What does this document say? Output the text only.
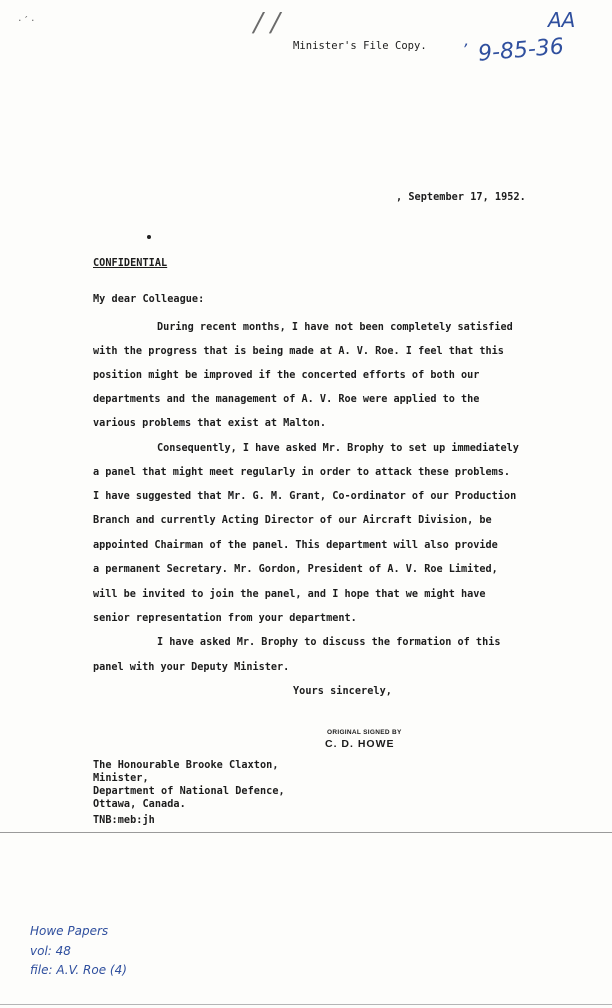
· ′ ·	/ /
Minister's File Copy.
AA
’ 9-85-36
, September 17, 1952.
CONFIDENTIAL
My dear Colleague:
During recent months, I have not been completely satisfied
with the progress that is being made at A. V. Roe. I feel that this
position might be improved if the concerted efforts of both our
departments and the management of A. V. Roe were applied to the
various problems that exist at Malton.
Consequently, I have asked Mr. Brophy to set up immediately
a panel that might meet regularly in order to attack these problems.
I have suggested that Mr. G. M. Grant, Co-ordinator of our Production
Branch and currently Acting Director of our Aircraft Division, be
appointed Chairman of the panel. This department will also provide
a permanent Secretary. Mr. Gordon, President of A. V. Roe Limited,
will be invited to join the panel, and I hope that we might have
senior representation from your department.
I have asked Mr. Brophy to discuss the formation of this
panel with your Deputy Minister.
Yours sincerely,
ORIGINAL SIGNED BY
C. D. HOWE
The Honourable Brooke Claxton,
Minister,
Department of National Defence,
Ottawa, Canada.
TNB:meb:jh
Howe Papers
vol: 48
file: A.V. Roe (4)
